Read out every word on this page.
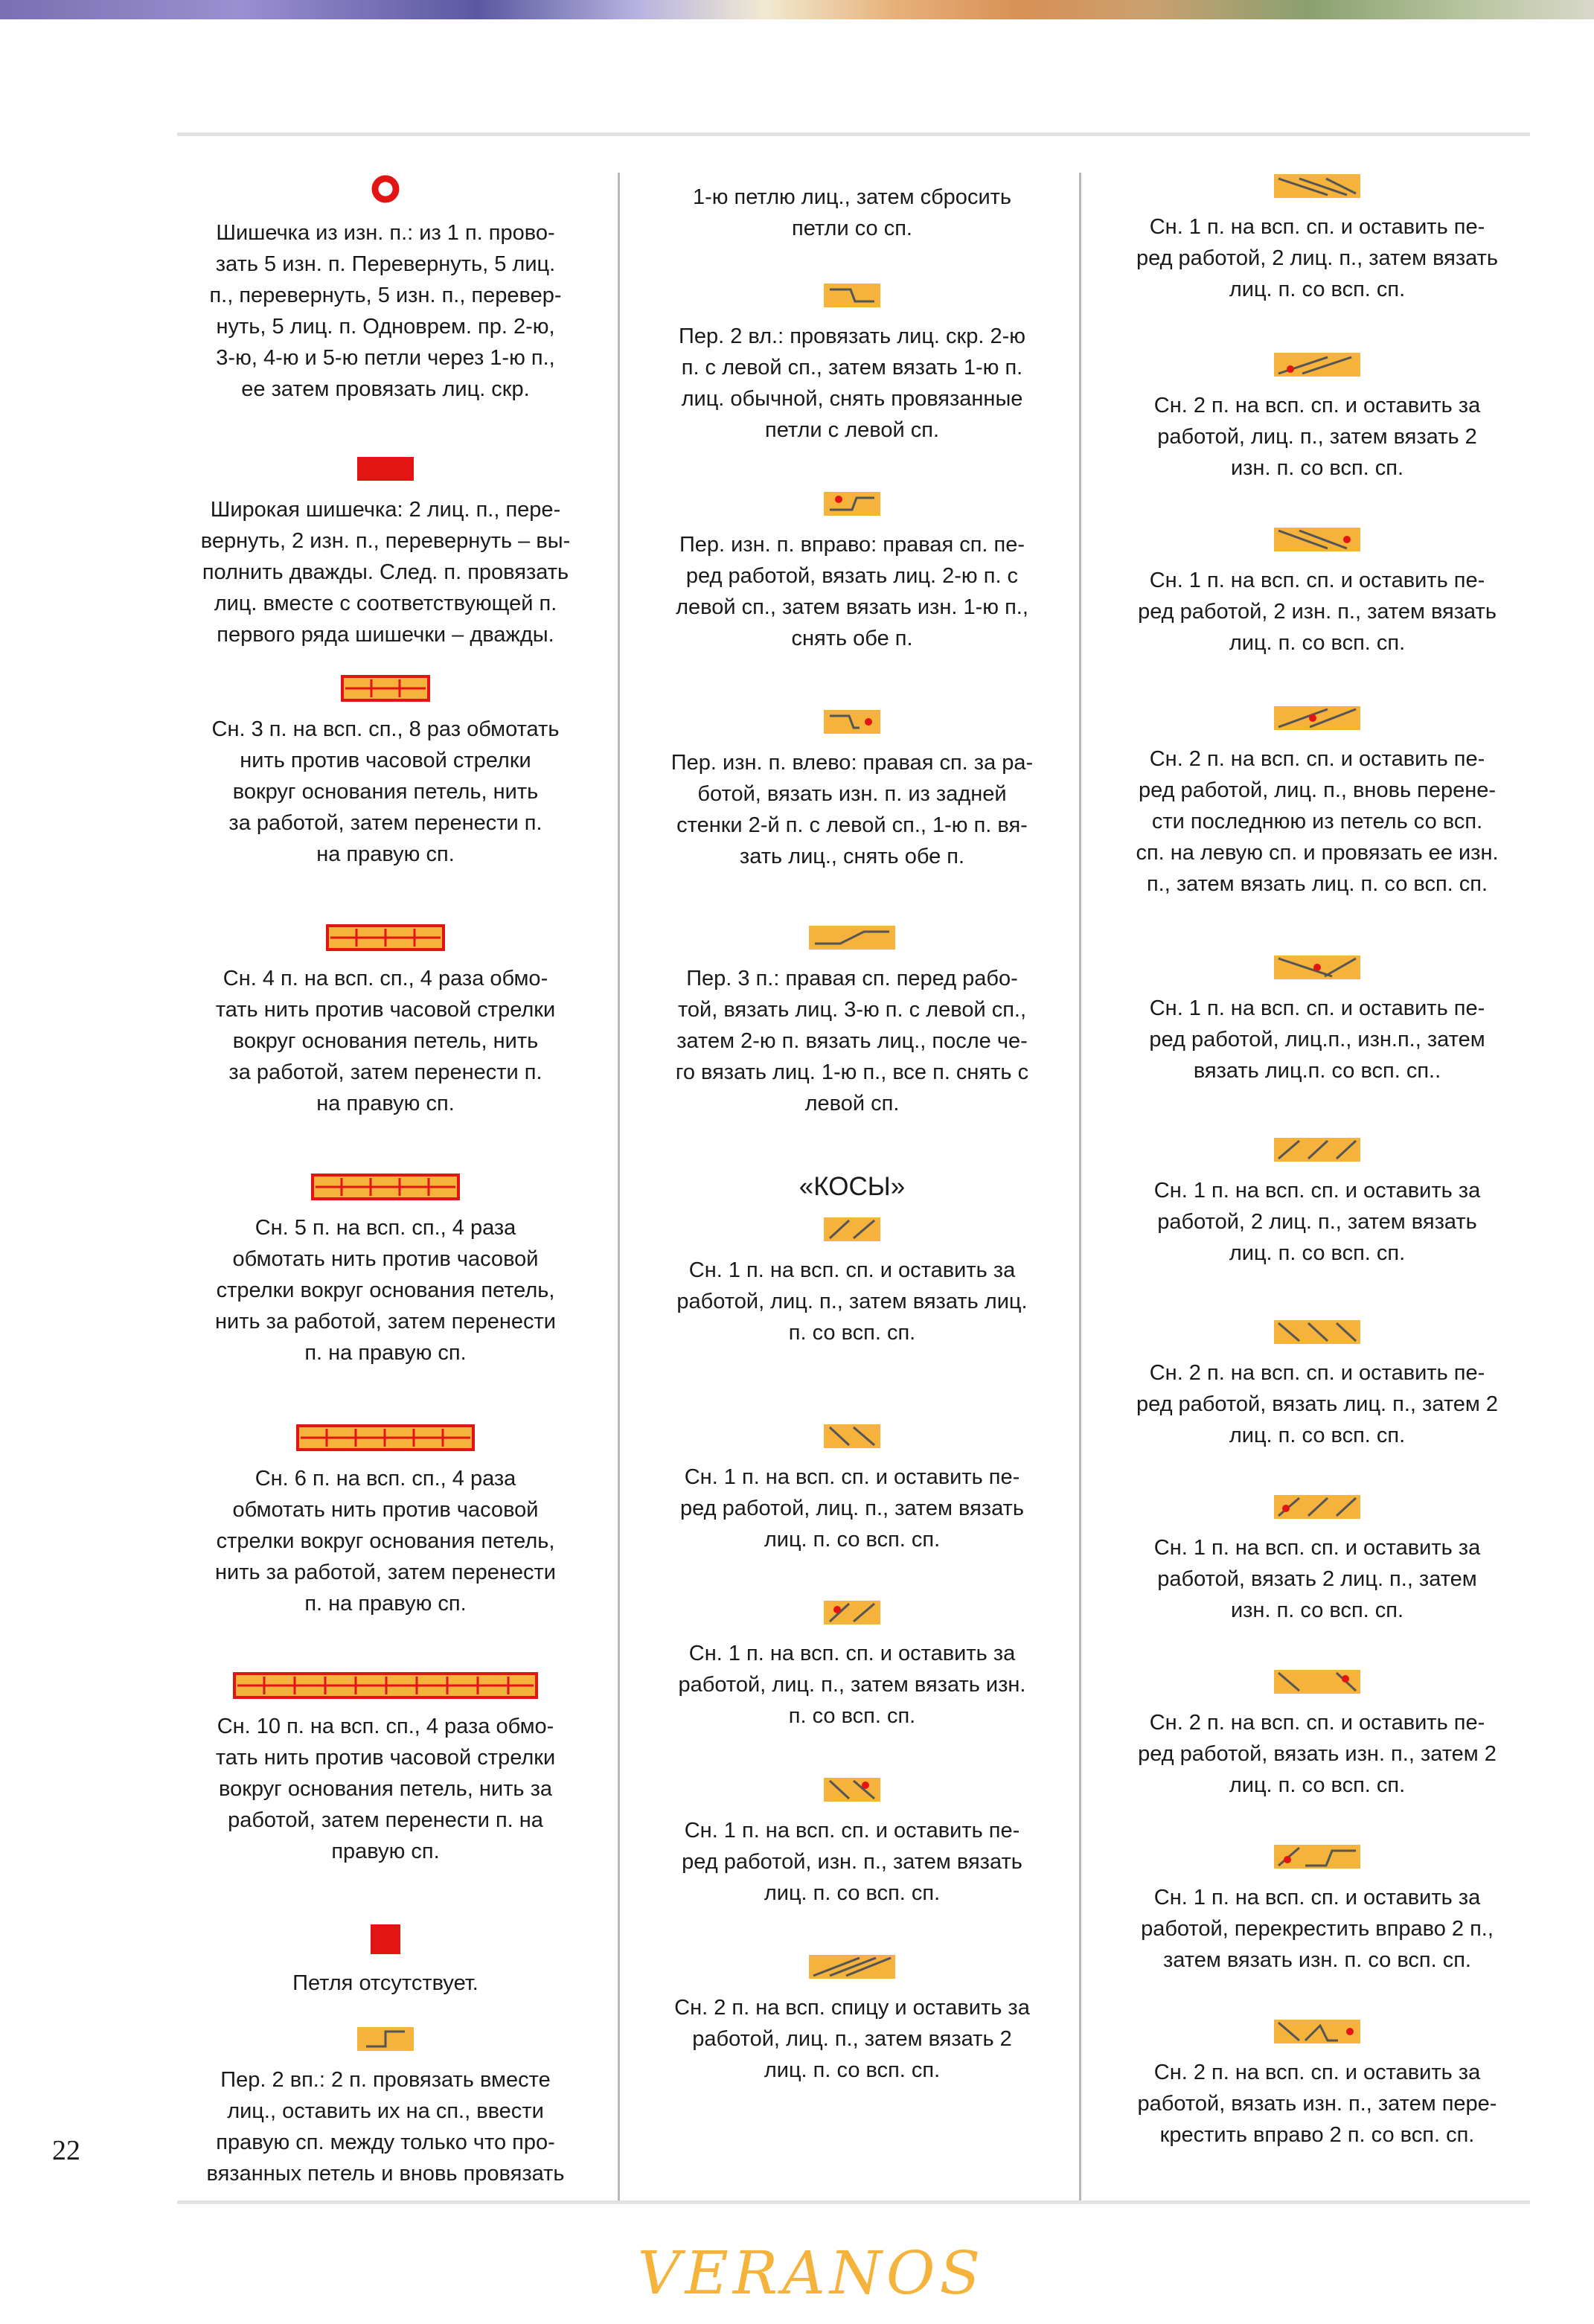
Шишечка из изн. п.: из 1 п. прово-
зать 5 изн. п. Перевернуть, 5 лиц.
п., перевернуть, 5 изн. п., перевер-
нуть, 5 лиц. п. Одноврем. пр. 2-ю,
3-ю, 4-ю и 5-ю петли через 1-ю п.,
ее затем провязать лиц. скр.
Широкая шишечка: 2 лиц. п., пере-
вернуть, 2 изн. п., перевернуть – вы-
полнить дважды. След. п. провязать
лиц. вместе с соответствующей п.
первого ряда шишечки – дважды.
Сн. 3 п. на всп. сп., 8 раз обмотать
нить против часовой стрелки
вокруг основания петель, нить
за работой, затем перенести п.
на правую сп.
Сн. 4 п. на всп. сп., 4 раза обмо-
тать нить против часовой стрелки
вокруг основания петель, нить
за работой, затем перенести п.
на правую сп.
Сн. 5 п. на всп. сп., 4 раза
обмотать нить против часовой
стрелки вокруг основания петель,
нить за работой, затем перенести
п. на правую сп.
Сн. 6 п. на всп. сп., 4 раза
обмотать нить против часовой
стрелки вокруг основания петель,
нить за работой, затем перенести
п. на правую сп.
Сн. 10 п. на всп. сп., 4 раза обмо-
тать нить против часовой стрелки
вокруг основания петель, нить за
работой, затем перенести п. на
правую сп.
Петля отсутствует.
Пер. 2 вп.: 2 п. провязать вместе
лиц., оставить их на сп., ввести
правую сп. между только что про-
вязанных петель и вновь провязать
1-ю петлю лиц., затем сбросить
петли со сп.
Пер. 2 вл.: провязать лиц. скр. 2-ю
п. с левой сп., затем вязать 1-ю п.
лиц. обычной, снять провязанные
петли с левой сп.
Пер. изн. п. вправо: правая сп. пе-
ред работой, вязать лиц. 2-ю п. с
левой сп., затем вязать изн. 1-ю п.,
снять обе п.
Пер. изн. п. влево: правая сп. за ра-
ботой, вязать изн. п. из задней
стенки 2-й п. с левой сп., 1-ю п. вя-
зать лиц., снять обе п.
Пер. 3 п.: правая сп. перед рабо-
той, вязать лиц. 3-ю п. с левой сп.,
затем 2-ю п. вязать лиц., после че-
го вязать лиц. 1-ю п., все п. снять с
левой сп.
«КОСЫ»
Сн. 1 п. на всп. сп. и оставить за
работой, лиц. п., затем вязать лиц.
п. со всп. сп.
Сн. 1 п. на всп. сп. и оставить пе-
ред работой, лиц. п., затем вязать
лиц. п. со всп. сп.
Сн. 1 п. на всп. сп. и оставить за
работой, лиц. п., затем вязать изн.
п. со всп. сп.
Сн. 1 п. на всп. сп. и оставить пе-
ред работой, изн. п., затем вязать
лиц. п. со всп. сп.
Сн. 2 п. на всп. спицу и оставить за
работой, лиц. п., затем вязать 2
лиц. п. со всп. сп.
Сн. 1 п. на всп. сп. и оставить пе-
ред работой, 2 лиц. п., затем вязать
лиц. п. со всп. сп.
Сн. 2 п. на всп. сп. и оставить за
работой, лиц. п., затем вязать 2
изн. п. со всп. сп.
Сн. 1 п. на всп. сп. и оставить пе-
ред работой, 2 изн. п., затем вязать
лиц. п. со всп. сп.
Сн. 2 п. на всп. сп. и оставить пе-
ред работой, лиц. п., вновь перене-
сти последнюю из петель со всп.
сп. на левую сп. и провязать ее изн.
п., затем вязать лиц. п. со всп. сп.
Сн. 1 п. на всп. сп. и оставить пе-
ред работой, лиц.п., изн.п., затем
вязать лиц.п. со всп. сп..
Сн. 1 п. на всп. сп. и оставить за
работой, 2 лиц. п., затем вязать
лиц. п. со всп. сп.
Сн. 2 п. на всп. сп. и оставить пе-
ред работой, вязать лиц. п., затем 2
лиц. п. со всп. сп.
Сн. 1 п. на всп. сп. и оставить за
работой, вязать 2 лиц. п., затем
изн. п. со всп. сп.
Сн. 2 п. на всп. сп. и оставить пе-
ред работой, вязать изн. п., затем 2
лиц. п. со всп. сп.
Сн. 1 п. на всп. сп. и оставить за
работой, перекрестить вправо 2 п.,
затем вязать изн. п. со всп. сп.
Сн. 2 п. на всп. сп. и оставить за
работой, вязать изн. п., затем пере-
крестить вправо 2 п. со всп. сп.
22
VERANOS
